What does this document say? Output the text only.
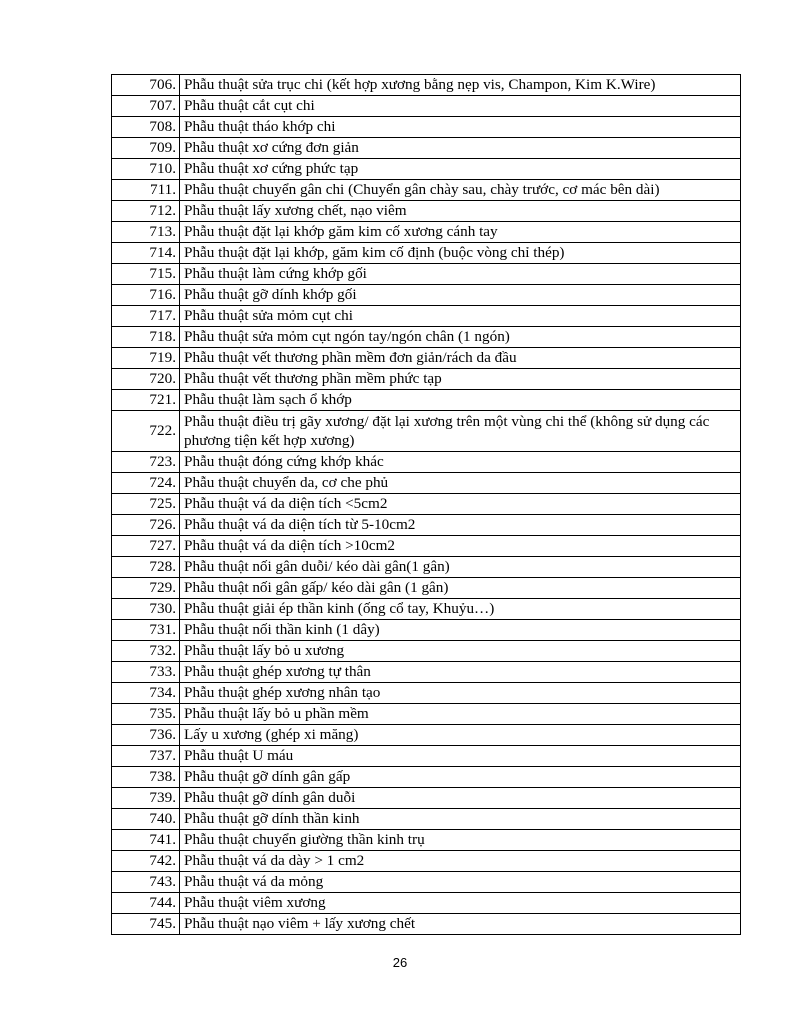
706.	Phẫu thuật sửa trục chi (kết hợp xương bằng nẹp vis, Champon, Kim K.Wire)
707.	Phẫu thuật cắt cụt chi
708.	Phẫu thuật tháo khớp chi
709.	Phẫu thuật xơ cứng đơn giản
710.	Phẫu thuật xơ cứng phức tạp
711.	Phẫu thuật chuyển gân chi (Chuyển gân chày sau, chày trước, cơ mác bên dài)
712.	Phẫu thuật lấy xương chết, nạo viêm
713.	Phẫu thuật đặt lại khớp găm kim cố xương cánh tay
714.	Phẫu thuật đặt lại khớp, găm kim cố định (buộc vòng chỉ thép)
715.	Phẫu thuật làm cứng khớp gối
716.	Phẫu thuật gỡ dính khớp gối
717.	Phẫu thuật sửa mỏm cụt chi
718.	Phẫu thuật sửa mỏm cụt ngón tay/ngón chân (1 ngón)
719.	Phẫu thuật vết thương phần mềm đơn giản/rách da đầu
720.	Phẫu thuật vết thương phần mềm phức tạp
721.	Phẫu thuật làm sạch ổ khớp
722.	Phẫu thuật điều trị gãy xương/ đặt lại xương trên một vùng chi thể (không sử dụng các phương tiện kết hợp xương)
723.	Phẫu thuật đóng cứng khớp khác
724.	Phẫu thuật chuyển da, cơ che phủ
725.	Phẫu thuật vá da diện tích <5cm2
726.	Phẫu thuật vá da diện tích từ 5-10cm2
727.	Phẫu thuật vá da diện tích >10cm2
728.	Phẫu thuật nối gân duỗi/ kéo dài gân(1 gân)
729.	Phẫu thuật nối gân gấp/ kéo dài gân (1 gân)
730.	Phẫu thuật giải ép thần kinh (ống cổ tay, Khuỷu…)
731.	Phẫu thuật nối thần kinh (1 dây)
732.	Phẫu thuật lấy bỏ u xương
733.	Phẫu thuật ghép xương tự thân
734.	Phẫu thuật ghép xương nhân tạo
735.	Phẫu thuật lấy bỏ u phần mềm
736.	Lấy u xương (ghép xi măng)
737.	Phẫu thuật U máu
738.	Phẫu thuật gỡ dính gân gấp
739.	Phẫu thuật gỡ dính gân duỗi
740.	Phẫu thuật gỡ dính thần kinh
741.	Phẫu thuật chuyển giường thần kinh trụ
742.	Phẫu thuật vá da dày > 1 cm2
743.	Phẫu thuật vá da mỏng
744.	Phẫu thuật viêm xương
745.	Phẫu thuật nạo viêm + lấy xương chết
26
